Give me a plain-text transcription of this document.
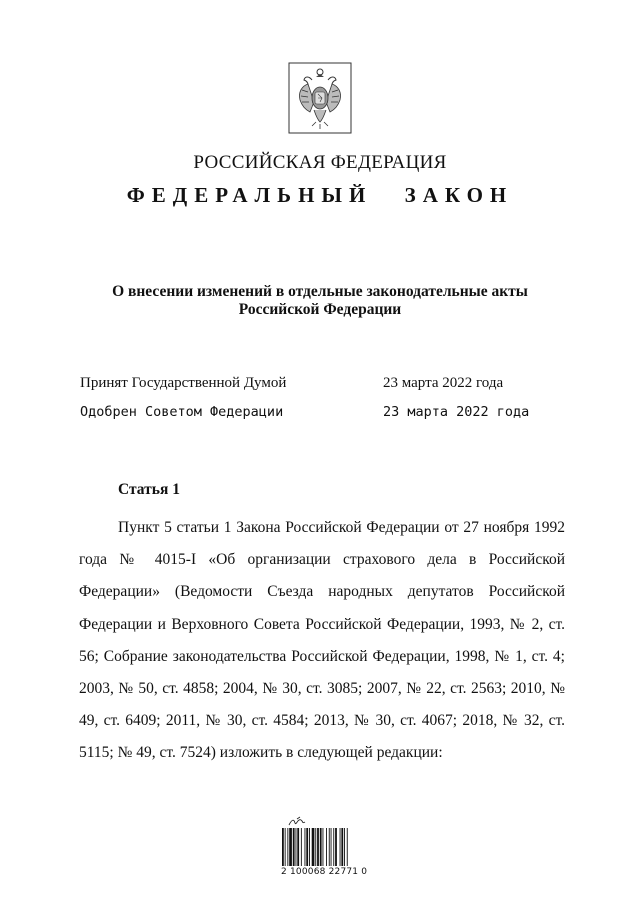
РОССИЙСКАЯ ФЕДЕРАЦИЯ
ФЕДЕРАЛЬНЫЙ ЗАКОН
О внесении изменений в отдельные законодательные акты
Российской Федерации
Принят Государственной Думой	23 марта 2022 года
Одобрен Советом Федерации	23 марта 2022 года
Статья 1

Пункт 5 статьи 1 Закона Российской Федерации от 27 ноября 1992 года № 4015-I «Об организации страхового дела в Российской Федерации» (Ведомости Съезда народных депутатов Российской Федерации и Верховного Совета Российской Федерации, 1993, № 2, ст. 56; Собрание законодательства Российской Федерации, 1998, № 1, ст. 4; 2003, № 50, ст. 4858; 2004, № 30, ст. 3085; 2007, № 22, ст. 2563; 2010, № 49, ст. 6409; 2011, № 30, ст. 4584; 2013, № 30, ст. 4067; 2018, № 32, ст. 5115; № 49, ст. 7524) изложить в следующей редакции:

2 100068 22771 0
